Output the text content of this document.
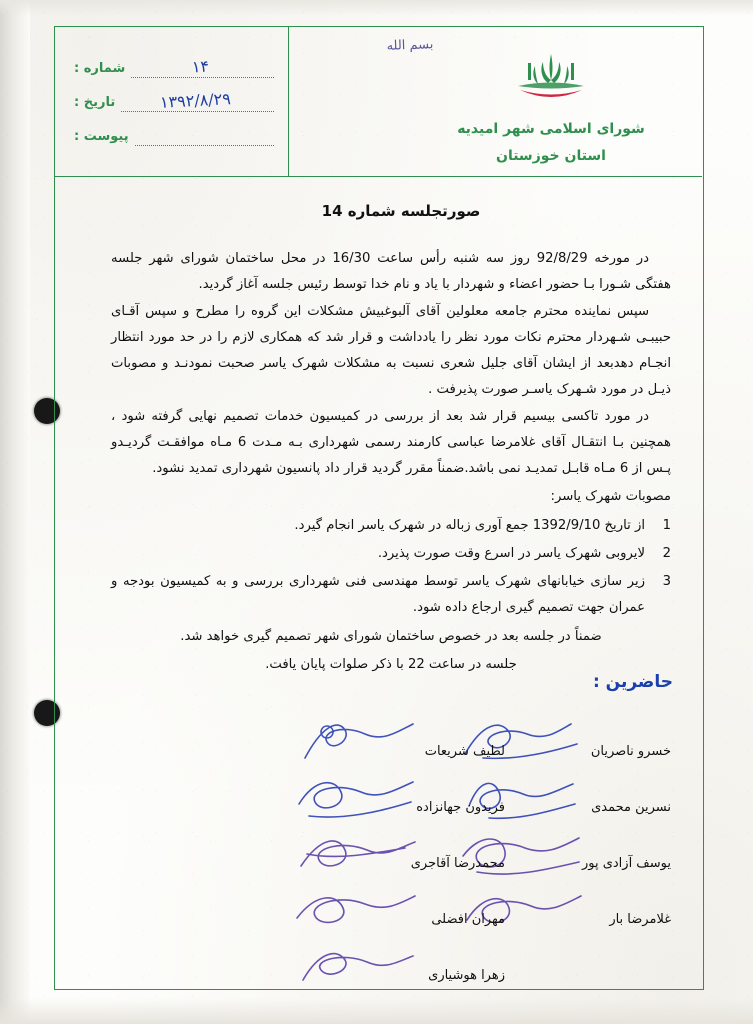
شورای اسلامی شهر امیدیه
استان خوزستان
بسم الله
شماره :	۱۴
تاریخ :	۱۳۹۲/۸/۲۹
پیوست :
صورتجلسه شماره 14

در مورخه 92/8/29 روز سه شنبه رأس ساعت 16/30 در محل ساختمان شورای شهر جلسه هفتگی شـورا بـا حضور اعضاء و شهردار با یاد و نام خدا توسط رئیس جلسه آغاز گردید.

سپس نماینده محترم جامعه معلولین آقای آلبوغبیش مشکلات این گروه را مطرح و سپس آقـای حبیبـی شـهردار محترم نکات مورد نظر را یادداشت و قرار شد که همکاری لازم را در حد مورد انتظار انجـام دهدبعد از ایشان آقای جلیل شعری نسبت به مشکلات شهرک یاسر صحبت نمودنـد و مصوبات ذیـل در مورد شـهرک یاسـر صورت پذیرفت .

در مورد تاکسی بیسیم قرار شد بعد از بررسی در کمیسیون خدمات تصمیم نهایی گرفته شود ، همچنین بـا انتقـال آقای غلامرضا عباسی کارمند رسمی شهرداری بـه مـدت 6 مـاه موافقـت گردیـدو پـس از 6 مـاه قابـل تمدیـد نمی باشد.ضمناً مقرر گردید قرار داد پانسیون شهرداری تمدید نشود.

مصوبات شهرک یاسر:

1
از تاریخ 1392/9/10 جمع آوری زباله در شهرک یاسر انجام گیرد.
2
لایروبی شهرک یاسر در اسرع وقت صورت پذیرد.
3
زیر سازی خیابانهای شهرک یاسر توسط مهندسی فنی شهرداری بررسی و به کمیسیون بودجه و عمران جهت تصمیم گیری ارجاع داده شود.

ضمناً در جلسه بعد در خصوص ساختمان شورای شهر تصمیم گیری خواهد شد.

جلسه در ساعت 22 با ذکر صلوات پایان یافت.

حاضرین :
خسرو ناصریان
نسرین محمدی
یوسف آزادی پور
غلامرضا بار
لطیف شریعات
فریدون جهانزاده
محمدرضا آقاجری
مهران افضلی
زهرا هوشیاری
